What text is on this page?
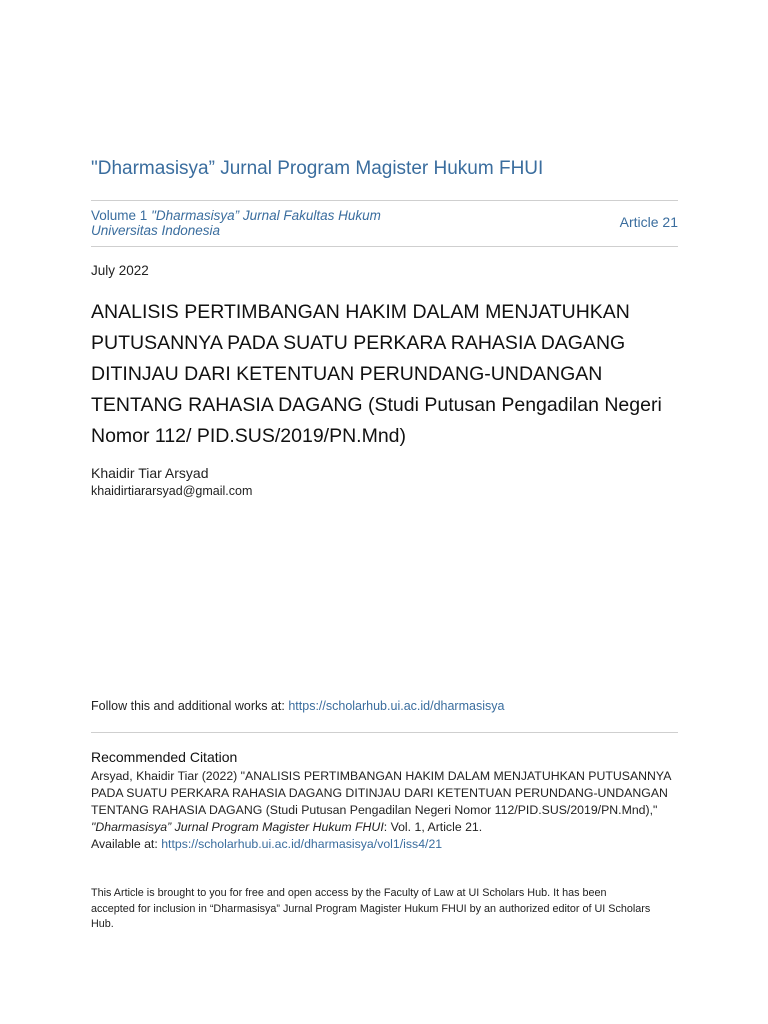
"Dharmasisya” Jurnal Program Magister Hukum FHUI
Volume 1 "Dharmasisya” Jurnal Fakultas Hukum Universitas Indonesia	Article 21
July 2022
ANALISIS PERTIMBANGAN HAKIM DALAM MENJATUHKAN PUTUSANNYA PADA SUATU PERKARA RAHASIA DAGANG DITINJAU DARI KETENTUAN PERUNDANG-UNDANGAN TENTANG RAHASIA DAGANG (Studi Putusan Pengadilan Negeri Nomor 112/ PID.SUS/2019/PN.Mnd)
Khaidir Tiar Arsyad
khaidirtiararsyad@gmail.com
Follow this and additional works at: https://scholarhub.ui.ac.id/dharmasisya
Recommended Citation
Arsyad, Khaidir Tiar (2022) "ANALISIS PERTIMBANGAN HAKIM DALAM MENJATUHKAN PUTUSANNYA PADA SUATU PERKARA RAHASIA DAGANG DITINJAU DARI KETENTUAN PERUNDANG-UNDANGAN TENTANG RAHASIA DAGANG (Studi Putusan Pengadilan Negeri Nomor 112/PID.SUS/2019/PN.Mnd),"
"Dharmasisya” Jurnal Program Magister Hukum FHUI: Vol. 1, Article 21.
Available at: https://scholarhub.ui.ac.id/dharmasisya/vol1/iss4/21
This Article is brought to you for free and open access by the Faculty of Law at UI Scholars Hub. It has been accepted for inclusion in “Dharmasisya” Jurnal Program Magister Hukum FHUI by an authorized editor of UI Scholars Hub.
